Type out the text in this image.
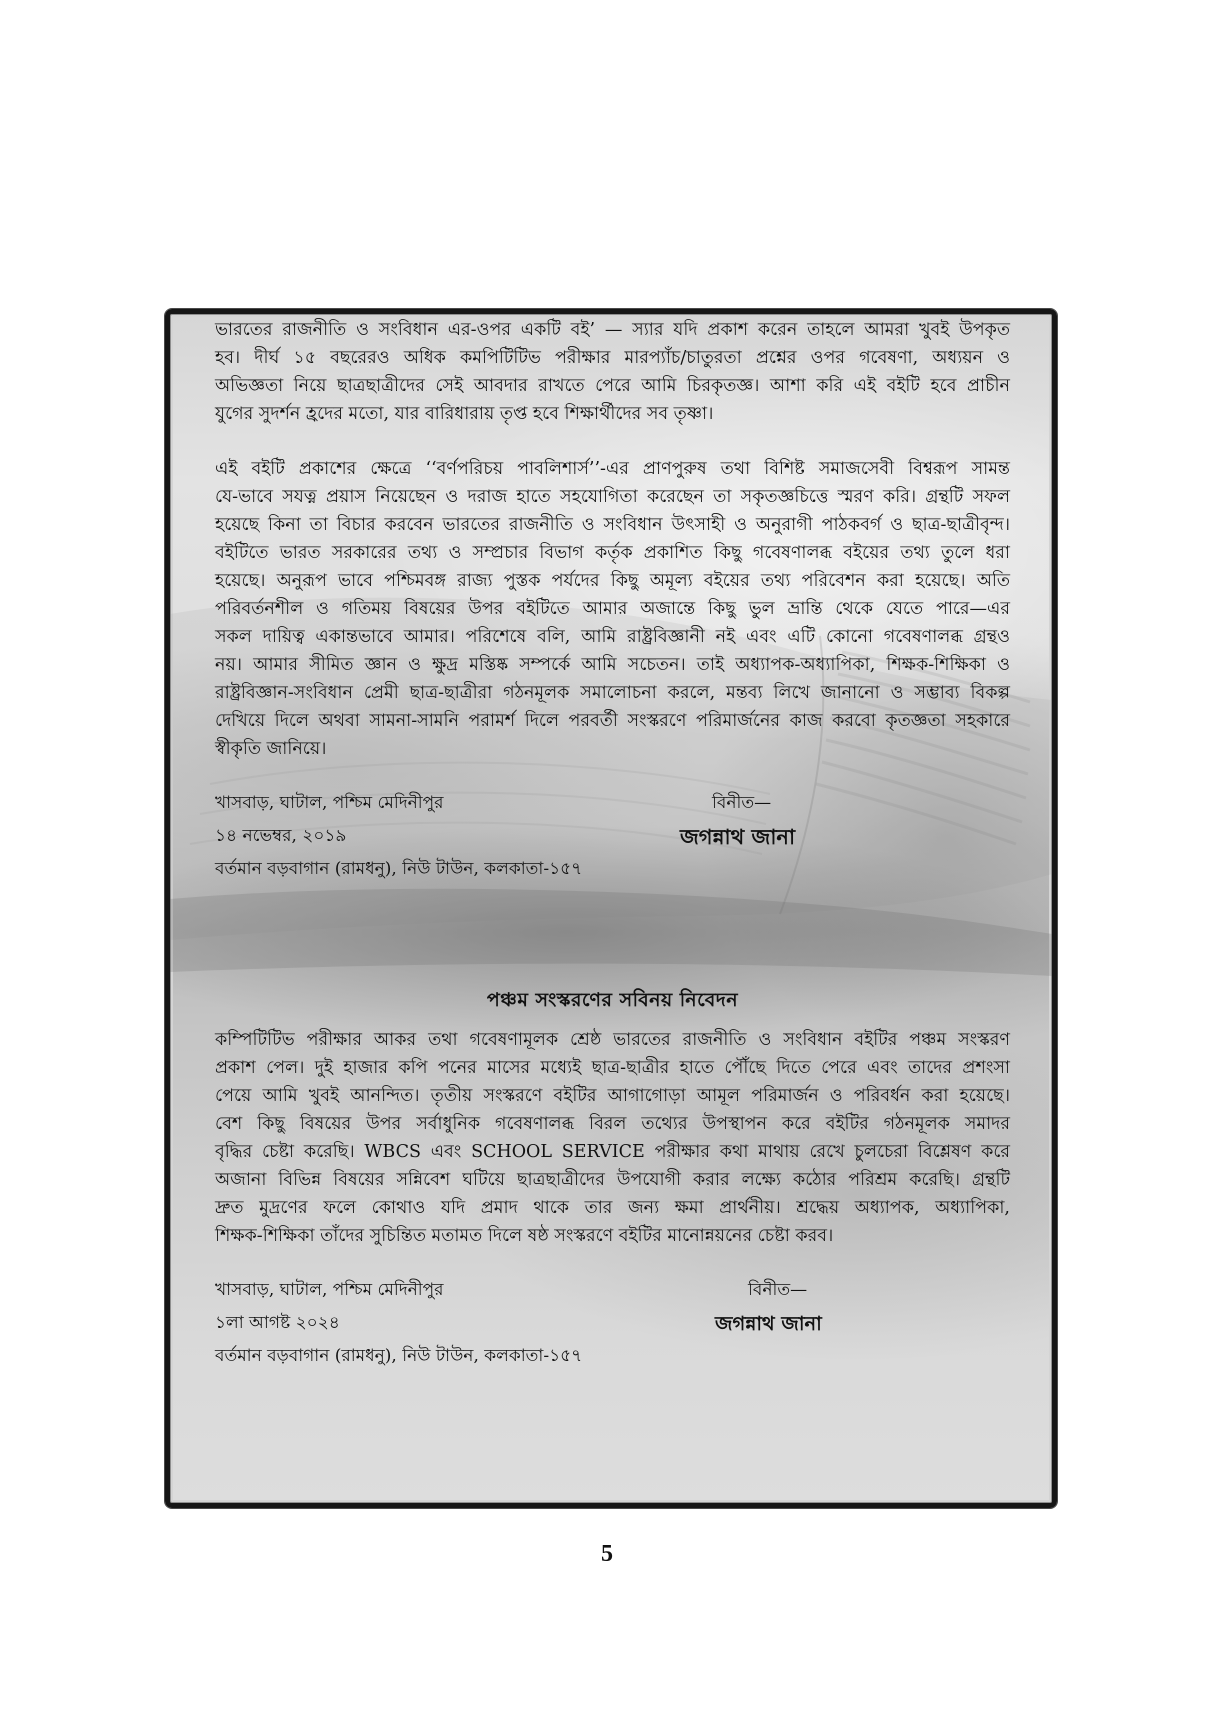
ভারতের রাজনীতি ও সংবিধান এর-ওপর একটি বই’ — স্যার যদি প্রকাশ করেন তাহলে আমরা খুবই উপকৃত
হব। দীর্ঘ ১৫ বছরেরও অধিক কমপিটিটিভ পরীক্ষার মারপ্যাঁচ/চাতুরতা প্রশ্নের ওপর গবেষণা, অধ্যয়ন ও
অভিজ্ঞতা নিয়ে ছাত্রছাত্রীদের সেই আবদার রাখতে পেরে আমি চিরকৃতজ্ঞ। আশা করি এই বইটি হবে প্রাচীন
যুগের সুদর্শন হ্রদের মতো, যার বারিধারায় তৃপ্ত হবে শিক্ষার্থীদের সব তৃষ্ণা।
এই বইটি প্রকাশের ক্ষেত্রে ‘‘বর্ণপরিচয় পাবলিশার্স’’-এর প্রাণপুরুষ তথা বিশিষ্ট সমাজসেবী বিশ্বরূপ সামন্ত
যে-ভাবে সযত্ন প্রয়াস নিয়েছেন ও দরাজ হাতে সহযোগিতা করেছেন তা সকৃতজ্ঞচিত্তে স্মরণ করি। গ্রন্থটি সফল
হয়েছে কিনা তা বিচার করবেন ভারতের রাজনীতি ও সংবিধান উৎসাহী ও অনুরাগী পাঠকবর্গ ও ছাত্র-ছাত্রীবৃন্দ।
বইটিতে ভারত সরকারের তথ্য ও সম্প্রচার বিভাগ কর্তৃক প্রকাশিত কিছু গবেষণালব্ধ বইয়ের তথ্য তুলে ধরা
হয়েছে। অনুরূপ ভাবে পশ্চিমবঙ্গ রাজ্য পুস্তক পর্যদের কিছু অমূল্য বইয়ের তথ্য পরিবেশন করা হয়েছে। অতি
পরিবর্তনশীল ও গতিময় বিষয়ের উপর বইটিতে আমার অজান্তে কিছু ভুল ভ্রান্তি থেকে যেতে পারে—এর
সকল দায়িত্ব একান্তভাবে আমার। পরিশেষে বলি, আমি রাষ্ট্রবিজ্ঞানী নই এবং এটি কোনো গবেষণালব্ধ গ্রন্থও
নয়। আমার সীমিত জ্ঞান ও ক্ষুদ্র মস্তিষ্ক সম্পর্কে আমি সচেতন। তাই অধ্যাপক-অধ্যাপিকা, শিক্ষক-শিক্ষিকা ও
রাষ্ট্রবিজ্ঞান-সংবিধান প্রেমী ছাত্র-ছাত্রীরা গঠনমূলক সমালোচনা করলে, মন্তব্য লিখে জানানো ও সম্ভাব্য বিকল্প
দেখিয়ে দিলে অথবা সামনা-সামনি পরামর্শ দিলে পরবর্তী সংস্করণে পরিমার্জনের কাজ করবো কৃতজ্ঞতা সহকারে
স্বীকৃতি জানিয়ে।
খাসবাড়, ঘাটাল, পশ্চিম মেদিনীপুর
১৪ নভেম্বর, ২০১৯
বর্তমান বড়বাগান (রামধনু), নিউ টাউন, কলকাতা-১৫৭
বিনীত—
জগন্নাথ জানা
পঞ্চম সংস্করণের সবিনয় নিবেদন
কম্পিটিটিভ পরীক্ষার আকর তথা গবেষণামূলক শ্রেষ্ঠ ভারতের রাজনীতি ও সংবিধান বইটির পঞ্চম সংস্করণ
প্রকাশ পেল। দুই হাজার কপি পনের মাসের মধ্যেই ছাত্র-ছাত্রীর হাতে পৌঁছে দিতে পেরে এবং তাদের প্রশংসা
পেয়ে আমি খুবই আনন্দিত। তৃতীয় সংস্করণে বইটির আগাগোড়া আমূল পরিমার্জন ও পরিবর্ধন করা হয়েছে।
বেশ কিছু বিষয়ের উপর সর্বাধুনিক গবেষণালব্ধ বিরল তথ্যের উপস্থাপন করে বইটির গঠনমূলক সমাদর
বৃদ্ধির চেষ্টা করেছি। WBCS এবং SCHOOL SERVICE পরীক্ষার কথা মাথায় রেখে চুলচেরা বিশ্লেষণ করে
অজানা বিভিন্ন বিষয়ের সন্নিবেশ ঘটিয়ে ছাত্রছাত্রীদের উপযোগী করার লক্ষ্যে কঠোর পরিশ্রম করেছি। গ্রন্থটি
দ্রুত মুদ্রণের ফলে কোথাও যদি প্রমাদ থাকে তার জন্য ক্ষমা প্রার্থনীয়। শ্রদ্ধেয় অধ্যাপক, অধ্যাপিকা,
শিক্ষক-শিক্ষিকা তাঁদের সুচিন্তিত মতামত দিলে ষষ্ঠ সংস্করণে বইটির মানোন্নয়নের চেষ্টা করব।
খাসবাড়, ঘাটাল, পশ্চিম মেদিনীপুর
১লা আগষ্ট ২০২৪
বর্তমান বড়বাগান (রামধনু), নিউ টাউন, কলকাতা-১৫৭
বিনীত—
জগন্নাথ জানা
5
